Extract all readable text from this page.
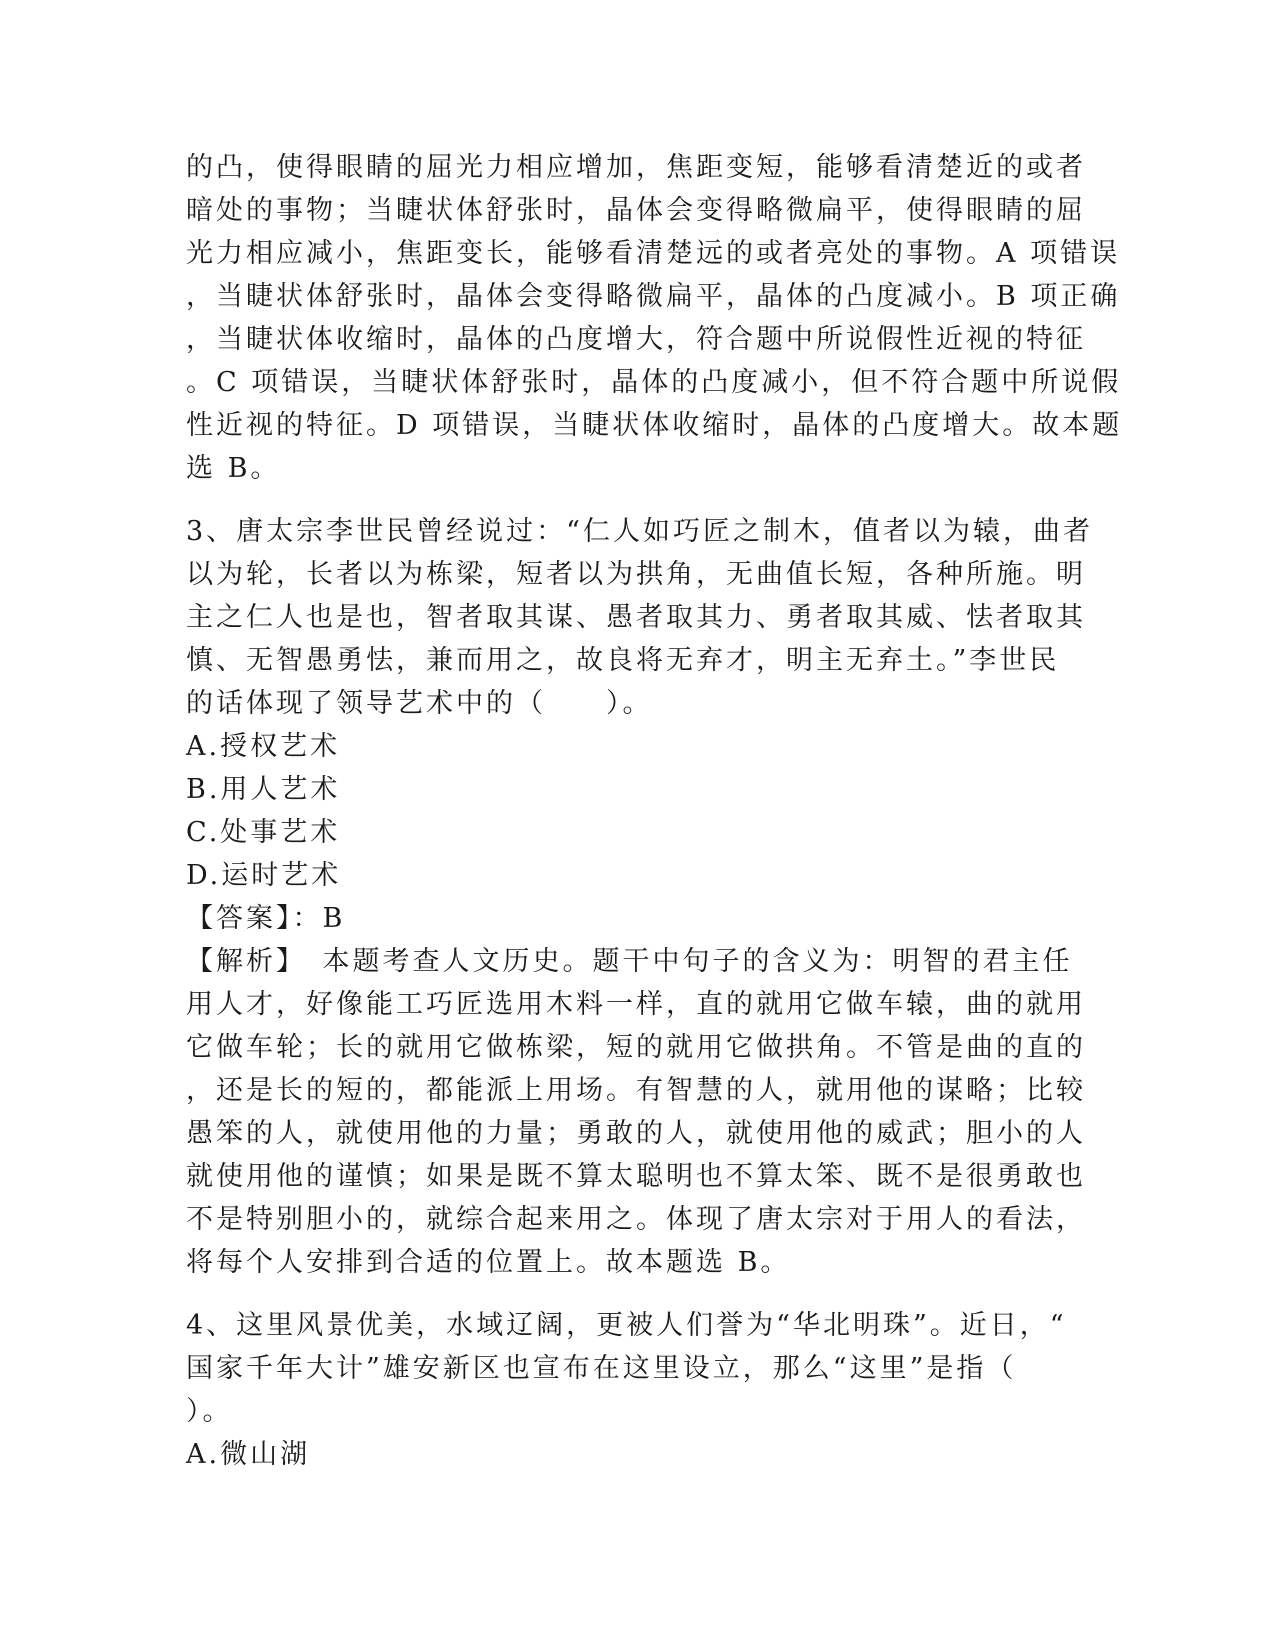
的凸，使得眼睛的屈光力相应增加，焦距变短，能够看清楚近的或者
暗处的事物；当睫状体舒张时，晶体会变得略微扁平，使得眼睛的屈
光力相应减小，焦距变长，能够看清楚远的或者亮处的事物。A 项错误
，当睫状体舒张时，晶体会变得略微扁平，晶体的凸度减小。B 项正确
，当睫状体收缩时，晶体的凸度增大，符合题中所说假性近视的特征
。C 项错误，当睫状体舒张时，晶体的凸度减小，但不符合题中所说假
性近视的特征。D 项错误，当睫状体收缩时，晶体的凸度增大。故本题
选 B。
3、唐太宗李世民曾经说过：“仁人如巧匠之制木，值者以为辕，曲者
以为轮，长者以为栋梁，短者以为拱角，无曲值长短，各种所施。明
主之仁人也是也，智者取其谋、愚者取其力、勇者取其威、怯者取其
慎、无智愚勇怯，兼而用之，故良将无弃才，明主无弃土。”李世民
的话体现了领导艺术中的（　　）。
A.授权艺术
B.用人艺术
C.处事艺术
D.运时艺术
【答案】：B
【解析】　本题考查人文历史。题干中句子的含义为：明智的君主任
用人才，好像能工巧匠选用木料一样，直的就用它做车辕，曲的就用
它做车轮；长的就用它做栋梁，短的就用它做拱角。不管是曲的直的
，还是长的短的，都能派上用场。有智慧的人，就用他的谋略；比较
愚笨的人，就使用他的力量；勇敢的人，就使用他的威武；胆小的人
就使用他的谨慎；如果是既不算太聪明也不算太笨、既不是很勇敢也
不是特别胆小的，就综合起来用之。体现了唐太宗对于用人的看法，
将每个人安排到合适的位置上。故本题选 B。
4、这里风景优美，水域辽阔，更被人们誉为“华北明珠”。近日，“
国家千年大计”雄安新区也宣布在这里设立，那么“这里”是指（
）。
A.微山湖
